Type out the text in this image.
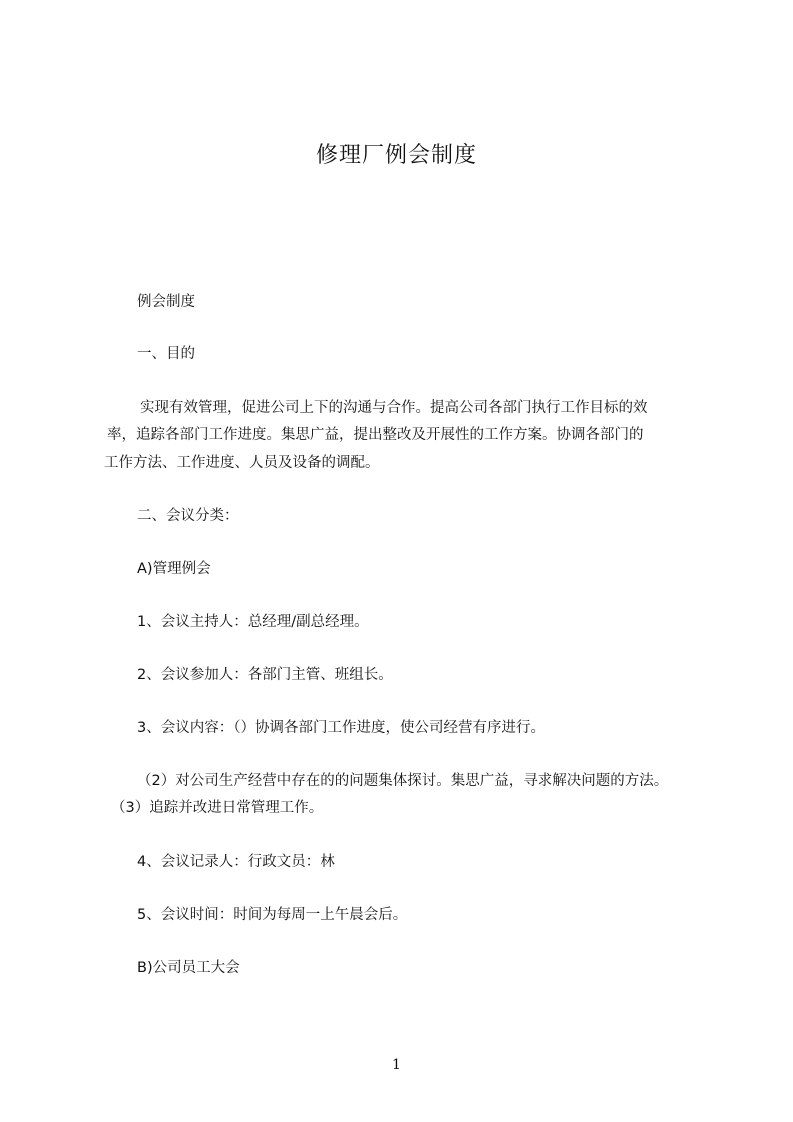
修理厂例会制度
例会制度
一、目的
实现有效管理，促进公司上下的沟通与合作。提高公司各部门执行工作目标的效
率，追踪各部门工作进度。集思广益，提出整改及开展性的工作方案。协调各部门的
工作方法、工作进度、人员及设备的调配。
二、会议分类：
A)管理例会
1、会议主持人：总经理/副总经理。
2、会议参加人：各部门主管、班组长。
3、会议内容：（）协调各部门工作进度，使公司经营有序进行。
（2）对公司生产经营中存在的的问题集体探讨。集思广益，寻求解决问题的方法。
（3）追踪并改进日常管理工作。
4、会议记录人：行政文员：林
5、会议时间：时间为每周一上午晨会后。
B)公司员工大会
1
